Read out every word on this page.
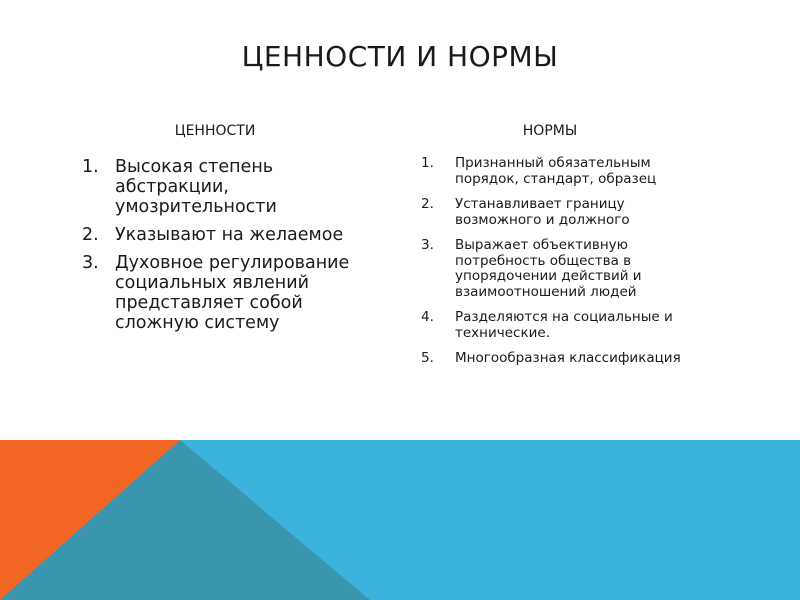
ЦЕННОСТИ И НОРМЫ
ЦЕННОСТИ	НОРМЫ
1. Высокая степень абстракции, умозрительности
2. Указывают на желаемое
3. Духовное регулирование социальных явлений представляет собой сложную систему
1.	Признанный обязательным порядок, стандарт, образец
2.	Устанавливает границу возможного и должного
3.	Выражает объективную потребность общества в упорядочении действий и взаимоотношений людей
4.	Разделяются на социальные и технические.
5.	Многообразная классификация
